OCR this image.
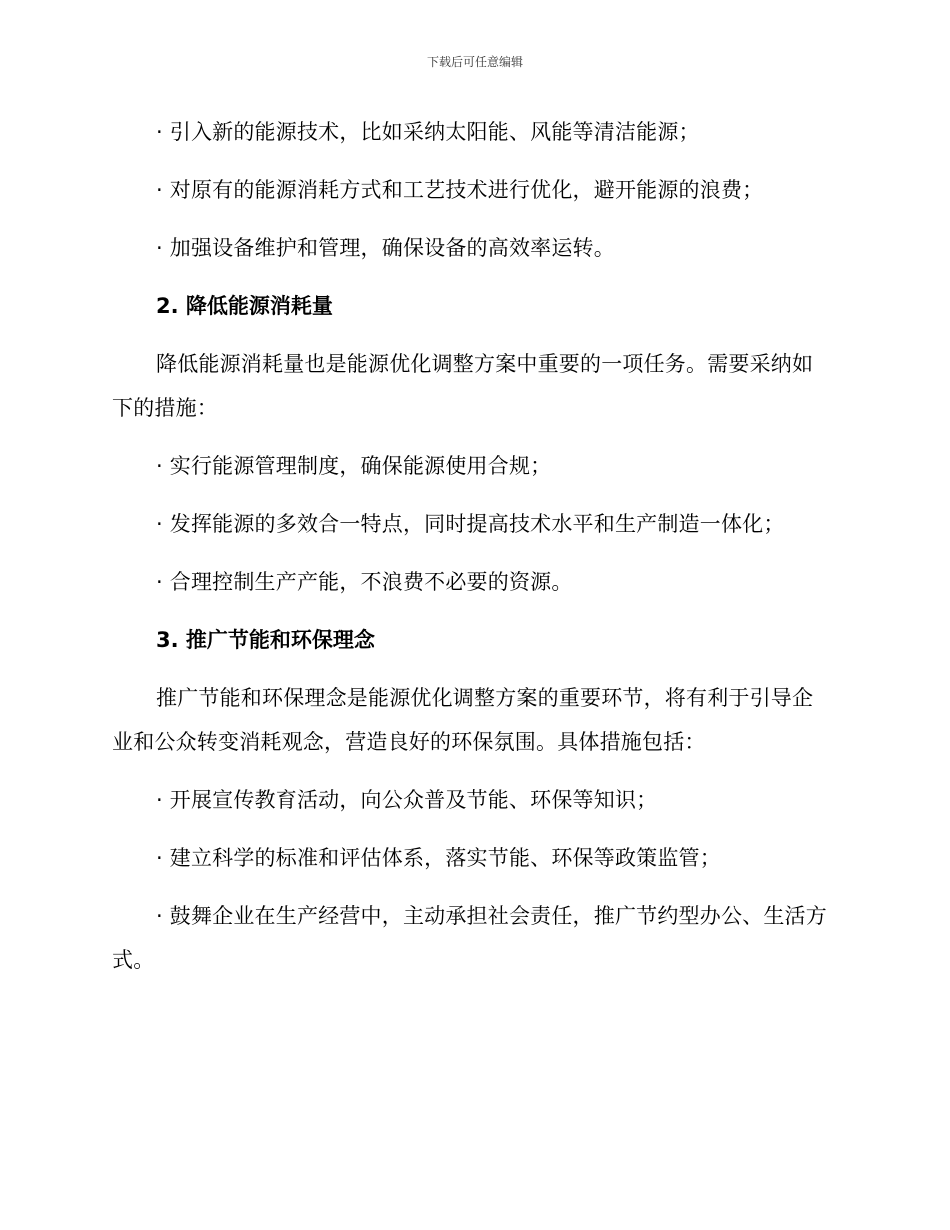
下载后可任意编辑

· 引入新的能源技术，比如采纳太阳能、风能等清洁能源；

· 对原有的能源消耗方式和工艺技术进行优化，避开能源的浪费；

· 加强设备维护和管理，确保设备的高效率运转。

2. 降低能源消耗量

降低能源消耗量也是能源优化调整方案中重要的一项任务。需要采纳如下的措施：

· 实行能源管理制度，确保能源使用合规；

· 发挥能源的多效合一特点，同时提高技术水平和生产制造一体化；

· 合理控制生产产能，不浪费不必要的资源。

3. 推广节能和环保理念

推广节能和环保理念是能源优化调整方案的重要环节，将有利于引导企业和公众转变消耗观念，营造良好的环保氛围。具体措施包括：

· 开展宣传教育活动，向公众普及节能、环保等知识；

· 建立科学的标准和评估体系，落实节能、环保等政策监管；

· 鼓舞企业在生产经营中，主动承担社会责任，推广节约型办公、生活方式。
